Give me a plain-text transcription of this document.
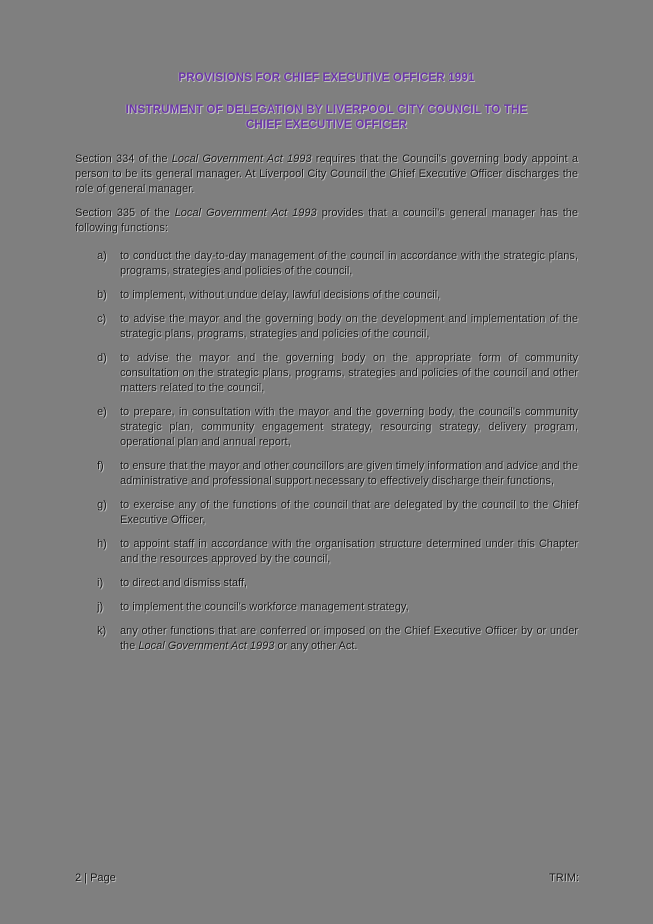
PROVISIONS FOR CHIEF EXECUTIVE OFFICER 1991
INSTRUMENT OF DELEGATION BY LIVERPOOL CITY COUNCIL TO THE
CHIEF EXECUTIVE OFFICER

Section 334 of the Local Government Act 1993 requires that the Council's governing body appoint a person to be its general manager. At Liverpool City Council the Chief Executive Officer discharges the role of general manager.

Section 335 of the Local Government Act 1993 provides that a council's general manager has the following functions:

a)	to conduct the day-to-day management of the council in accordance with the strategic plans, programs, strategies and policies of the council,
b)	to implement, without undue delay, lawful decisions of the council,
c)	to advise the mayor and the governing body on the development and implementation of the strategic plans, programs, strategies and policies of the council,
d)	to advise the mayor and the governing body on the appropriate form of community consultation on the strategic plans, programs, strategies and policies of the council and other matters related to the council,
e)	to prepare, in consultation with the mayor and the governing body, the council's community strategic plan, community engagement strategy, resourcing strategy, delivery program, operational plan and annual report,
f)	to ensure that the mayor and other councillors are given timely information and advice and the administrative and professional support necessary to effectively discharge their functions,
g)	to exercise any of the functions of the council that are delegated by the council to the Chief Executive Officer,
h)	to appoint staff in accordance with the organisation structure determined under this Chapter and the resources approved by the council,
i)	to direct and dismiss staff,
j)	to implement the council's workforce management strategy,
k)	any other functions that are conferred or imposed on the Chief Executive Officer by or under the Local Government Act 1993 or any other Act.
2 | Page	TRIM:
